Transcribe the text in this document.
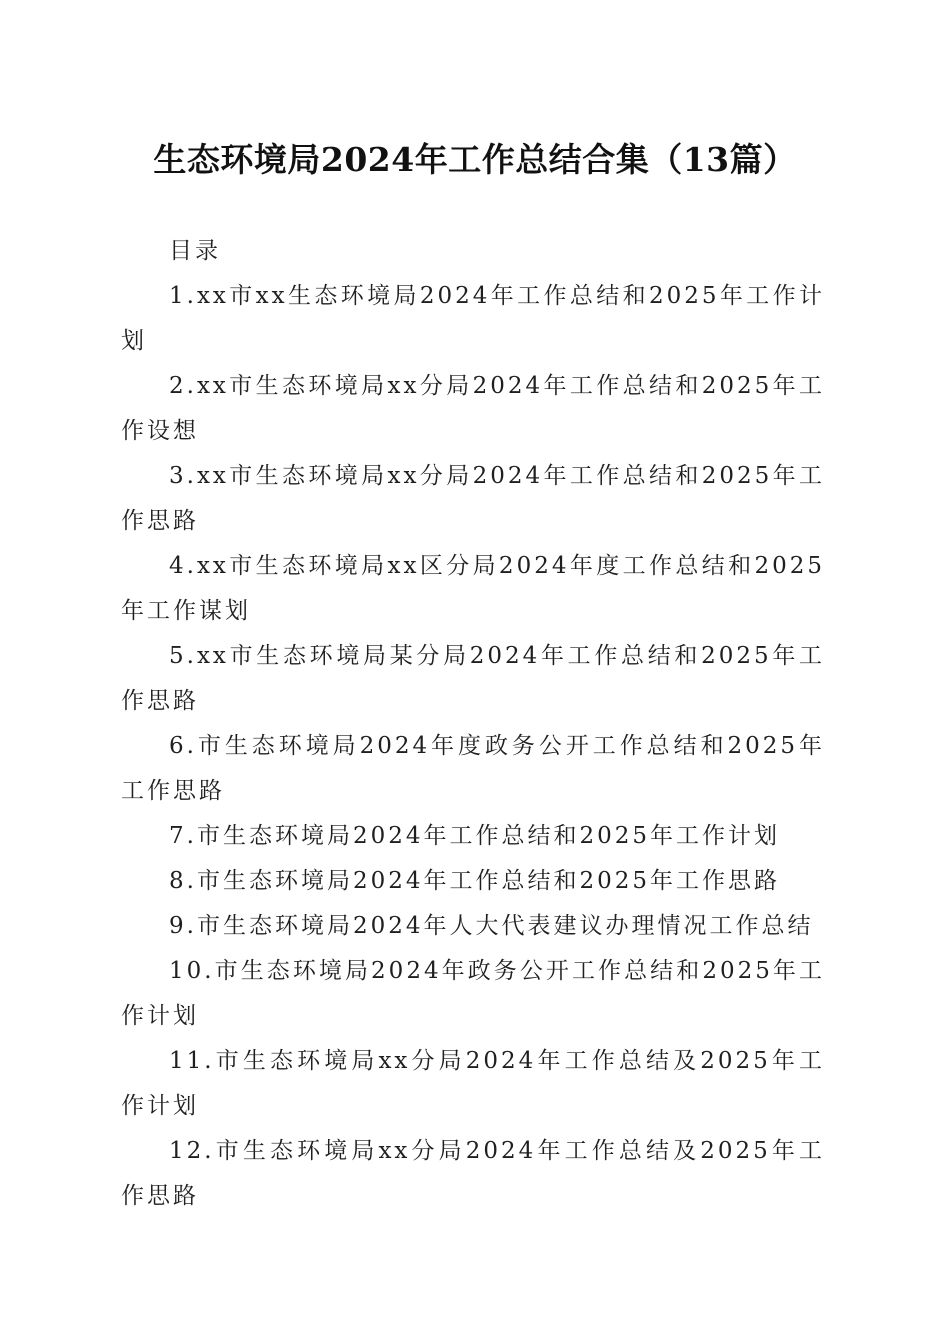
生态环境局2024年工作总结合集（13篇）
目录
1.xx市xx生态环境局2024年工作总结和2025年工作计划
2.xx市生态环境局xx分局2024年工作总结和2025年工作设想
3.xx市生态环境局xx分局2024年工作总结和2025年工作思路
4.xx市生态环境局xx区分局2024年度工作总结和2025年工作谋划
5.xx市生态环境局某分局2024年工作总结和2025年工作思路
6.市生态环境局2024年度政务公开工作总结和2025年工作思路
7.市生态环境局2024年工作总结和2025年工作计划
8.市生态环境局2024年工作总结和2025年工作思路
9.市生态环境局2024年人大代表建议办理情况工作总结
10.市生态环境局2024年政务公开工作总结和2025年工作计划
11.市生态环境局xx分局2024年工作总结及2025年工作计划
12.市生态环境局xx分局2024年工作总结及2025年工作思路
